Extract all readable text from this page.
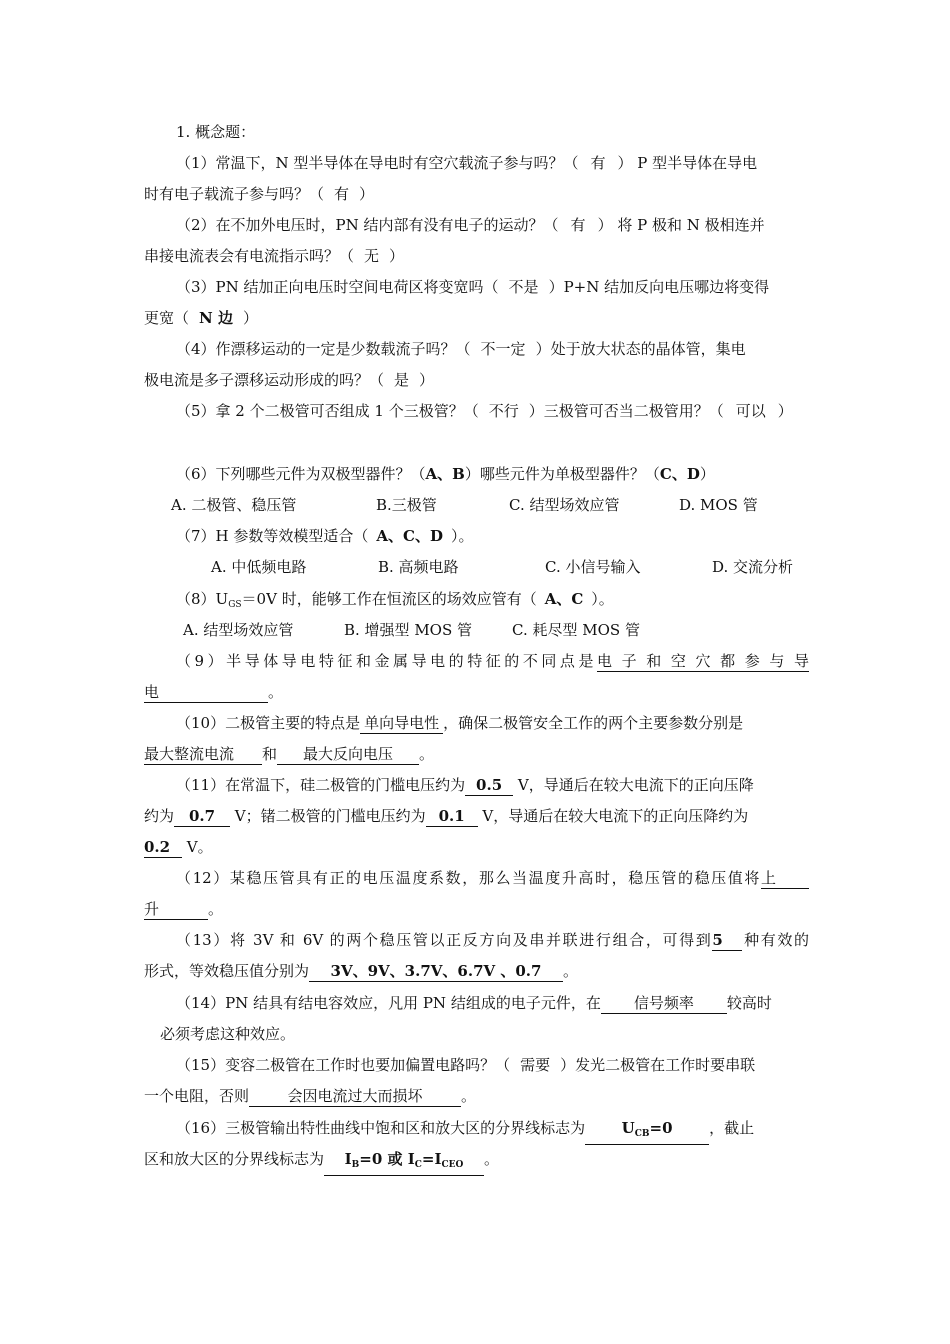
1. 概念题：
（1）常温下，N 型半导体在导电时有空穴载流子参与吗？（ 有 ） P 型半导体在导电
时有电子载流子参与吗？（ 有 ）
（2）在不加外电压时，PN 结内部有没有电子的运动？（ 有 ） 将 P 极和 N 极相连并
串接电流表会有电流指示吗？（ 无 ）
（3）PN 结加正向电压时空间电荷区将变宽吗（ 不是 ）P+N 结加反向电压哪边将变得
更宽（ N 边 ）
（4）作漂移运动的一定是少数载流子吗？（ 不一定 ）处于放大状态的晶体管，集电
极电流是多子漂移运动形成的吗？（ 是 ）
（5）拿 2 个二极管可否组成 1 个三极管？（ 不行 ）三极管可否当二极管用？（ 可以 ）
（6）下列哪些元件为双极型器件？（A、B）哪些元件为单极型器件？（C、D）
A. 二极管、稳压管	B.三极管	C. 结型场效应管	D. MOS 管
（7）H 参数等效模型适合（ A、C、D ）。
A. 中低频电路	B. 高频电路	C. 小信号输入	D. 交流分析
$(8)U_{GS}=0V$ 时，能够工作在恒流区的场效应管有（ A、C ）。
A. 结型场效应管	B. 增强型 MOS 管	C. 耗尽型 MOS 管
（9）半导体导电特征和金属导电的特征的不同点是电子和空穴都参与导
电	。
（10）二极管主要的特点是 单向导电性 ，确保二极管安全工作的两个主要参数分别是
最大整流电流 和 最大反向电压 。
（11）在常温下，硅二极管的门槛电压约为 0.5 V，导通后在较大电流下的正向压降
约为 0.7 V；锗二极管的门槛电压约为 0.1 V，导通后在较大电流下的正向压降约为
0.2 V。
（12）某稳压管具有正的电压温度系数，那么当温度升高时，稳压管的稳压值将上
升	。
（13）将 3V 和 6V 的两个稳压管以正反方向及串并联进行组合，可得到5 种有效的
形式，等效稳压值分别为 3V、9V、3.7V、6.7V 、0.7 。
（14）PN 结具有结电容效应，凡用 PN 结组成的电子元件，在 信号频率 较高时
必须考虑这种效应。
（15）变容二极管在工作时也要加偏置电路吗？（ 需要 ）发光二极管在工作时要串联
一个电阻，否则	会因电流过大而损坏	。
（16）三极管输出特性曲线中饱和区和放大区的分界线标志为 $U_{CB}=0$ ，截止
区和放大区的分界线标志为 $I_B=0$ 或 $I_C=I_{CEO}$ 。
